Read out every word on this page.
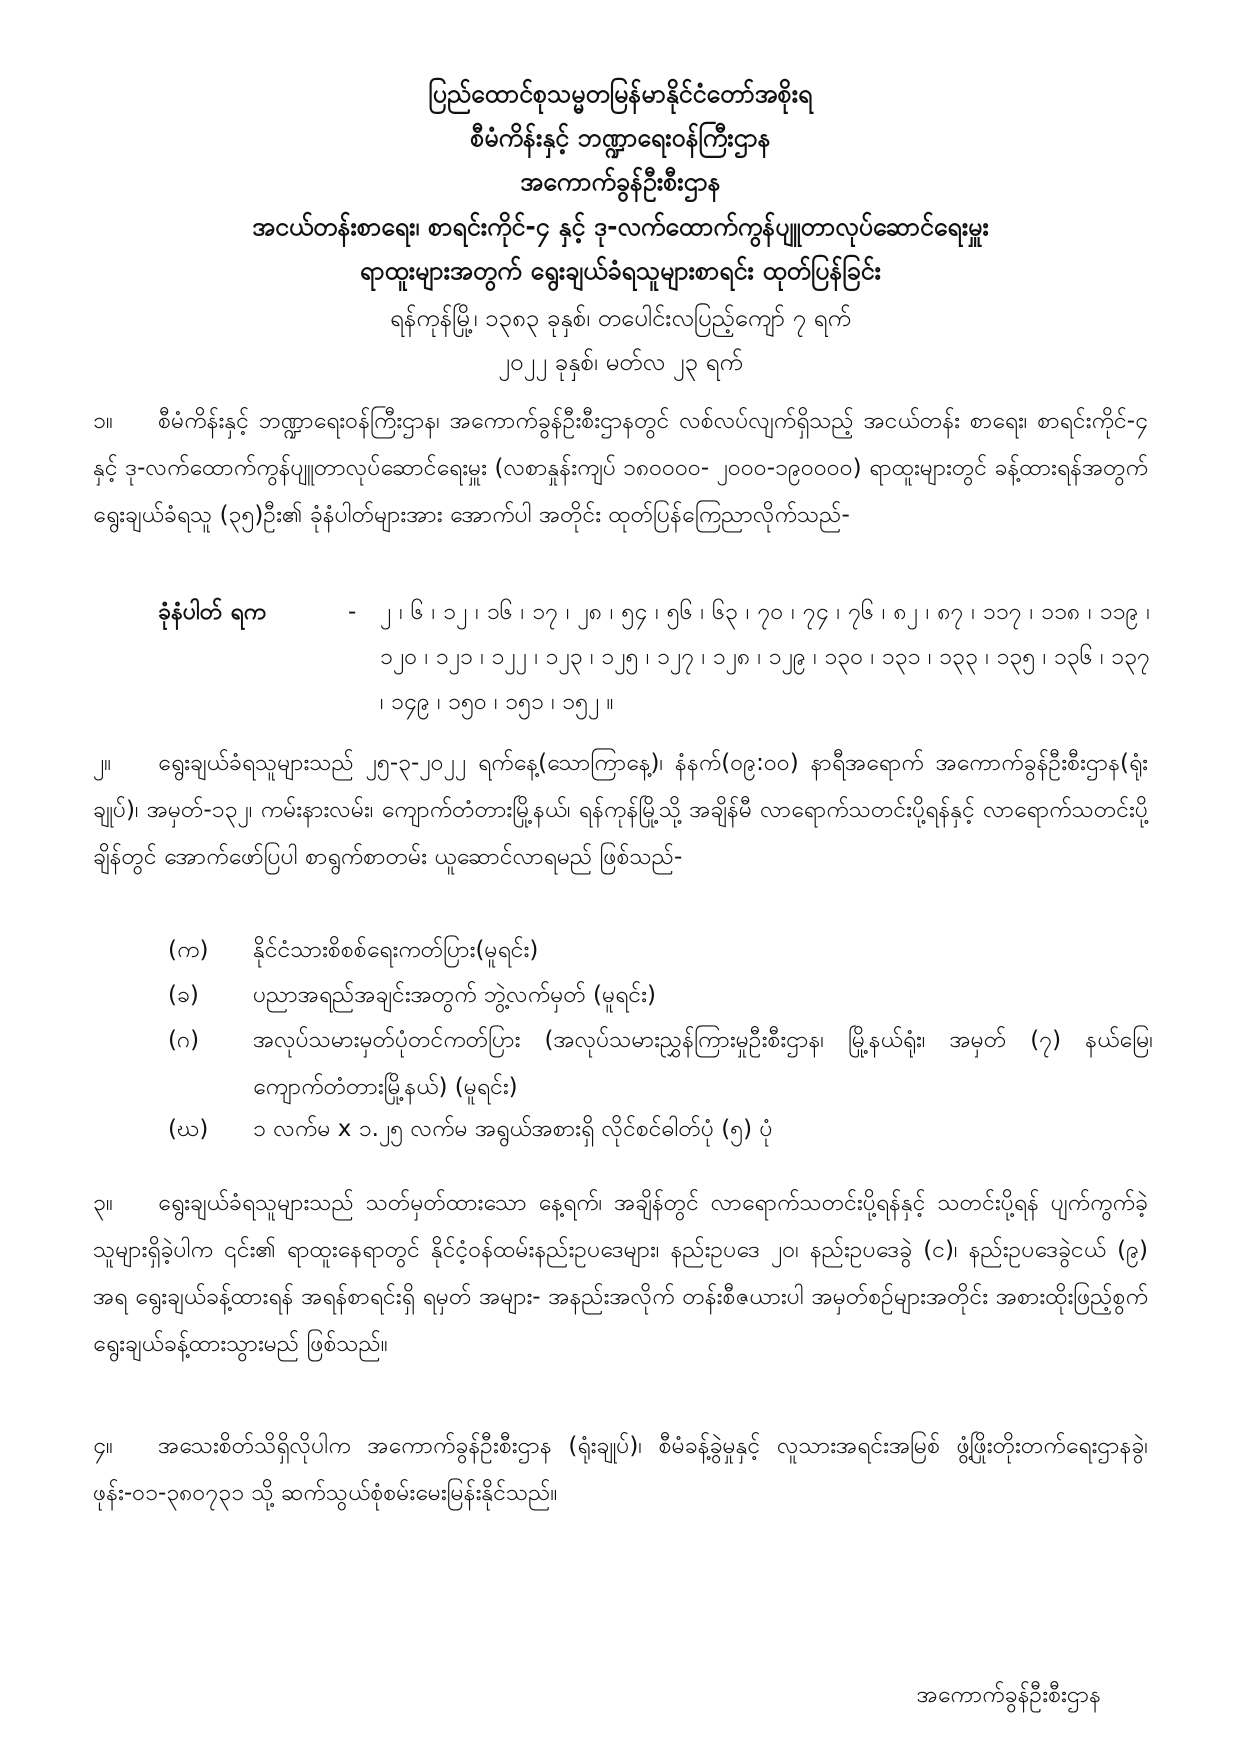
ပြည်ထောင်စုသမ္မတမြန်မာနိုင်ငံတော်အစိုးရ
စီမံကိန်းနှင့် ဘဏ္ဍာရေးဝန်ကြီးဌာန
အကောက်ခွန်ဦးစီးဌာန
အငယ်တန်းစာရေး၊ စာရင်းကိုင်-၄ နှင့် ဒု-လက်ထောက်ကွန်ပျူတာလုပ်ဆောင်ရေးမှူး
ရာထူးများအတွက် ရွေးချယ်ခံရသူများစာရင်း ထုတ်ပြန်ခြင်း
ရန်ကုန်မြို့၊ ၁၃၈၃ ခုနှစ်၊ တပေါင်းလပြည့်ကျော် ၇ ရက်
၂၀၂၂ ခုနှစ်၊ မတ်လ ၂၃ ရက်
၁။ စီမံကိန်းနှင့် ဘဏ္ဍာရေးဝန်ကြီးဌာန၊ အကောက်ခွန်ဦးစီးဌာနတွင် လစ်လပ်လျက်ရှိသည့် အငယ်တန်း စာရေး၊ စာရင်းကိုင်-၄ နှင့် ဒု-လက်ထောက်ကွန်ပျူတာလုပ်ဆောင်ရေးမှူး (လစာနှုန်းကျပ် ၁၈၀၀၀၀- ၂၀၀၀-၁၉၀၀၀၀) ရာထူးများတွင် ခန့်ထားရန်အတွက် ရွေးချယ်ခံရသူ (၃၅)ဦး၏ ခုံနံပါတ်များအား အောက်ပါ အတိုင်း ထုတ်ပြန်ကြေညာလိုက်သည်-
ခုံနံပါတ် ရက	- ၂ ၊ ၆ ၊ ၁၂ ၊ ၁၆ ၊ ၁၇ ၊ ၂၈ ၊ ၅၄ ၊ ၅၆ ၊ ၆၃ ၊ ၇၀ ၊ ၇၄ ၊ ၇၆ ၊ ၈၂ ၊ ၈၇ ၊ ၁၁၇ ၊ ၁၁၈ ၊ ၁၁၉ ၊ ၁၂၀ ၊ ၁၂၁ ၊ ၁၂၂ ၊ ၁၂၃ ၊ ၁၂၅ ၊ ၁၂၇ ၊ ၁၂၈ ၊ ၁၂၉ ၊ ၁၃၀ ၊ ၁၃၁ ၊ ၁၃၃ ၊ ၁၃၅ ၊ ၁၃၆ ၊ ၁၃၇ ၊ ၁၄၉ ၊ ၁၅၀ ၊ ၁၅၁ ၊ ၁၅၂ ။
၂။ ရွေးချယ်ခံရသူများသည် ၂၅-၃-၂၀၂၂ ရက်နေ့(သောကြာနေ့)၊ နံနက်(၀၉:၀၀) နာရီအရောက် အကောက်ခွန်ဦးစီးဌာန(ရုံးချုပ်)၊ အမှတ်-၁၃၂၊ ကမ်းနားလမ်း၊ ကျောက်တံတားမြို့နယ်၊ ရန်ကုန်မြို့သို့ အချိန်မီ လာရောက်သတင်းပို့ရန်နှင့် လာရောက်သတင်းပို့ချိန်တွင် အောက်ဖော်ပြပါ စာရွက်စာတမ်း ယူဆောင်လာရမည် ဖြစ်သည်-
(က) နိုင်ငံသားစိစစ်ရေးကတ်ပြား(မူရင်း)
(ခ) ပညာအရည်အချင်းအတွက် ဘွဲ့လက်မှတ် (မူရင်း)
(ဂ) အလုပ်သမားမှတ်ပုံတင်ကတ်ပြား (အလုပ်သမားညွှန်ကြားမှုဦးစီးဌာန၊ မြို့နယ်ရုံး၊ အမှတ် (၇) နယ်မြေ၊ ကျောက်တံတားမြို့နယ်) (မူရင်း)
(ဃ) ၁ လက်မ x ၁.၂၅ လက်မ အရွယ်အစားရှိ လိုင်စင်ဓါတ်ပုံ (၅) ပုံ
၃။ ရွေးချယ်ခံရသူများသည် သတ်မှတ်ထားသော နေ့ရက်၊ အချိန်တွင် လာရောက်သတင်းပို့ရန်နှင့် သတင်းပို့ရန် ပျက်ကွက်ခဲ့သူများရှိခဲ့ပါက ၎င်း၏ ရာထူးနေရာတွင် နိုင်ငံ့ဝန်ထမ်းနည်းဥပဒေများ၊ နည်းဥပဒေ ၂၀၊ နည်းဥပဒေခွဲ (င)၊ နည်းဥပဒေခွဲငယ် (၉) အရ ရွေးချယ်ခန့်ထားရန် အရန်စာရင်းရှိ ရမှတ် အများ- အနည်းအလိုက် တန်းစီဇယားပါ အမှတ်စဉ်များအတိုင်း အစားထိုးဖြည့်စွက် ရွေးချယ်ခန့်ထားသွားမည် ဖြစ်သည်။
၄။ အသေးစိတ်သိရှိလိုပါက အကောက်ခွန်ဦးစီးဌာန (ရုံးချုပ်)၊ စီမံခန့်ခွဲမှုနှင့် လူသားအရင်းအမြစ် ဖွံ့ဖြိုးတိုးတက်ရေးဌာနခွဲ၊ ဖုန်း-၀၁-၃၈၀၇၃၁ သို့ ဆက်သွယ်စုံစမ်းမေးမြန်းနိုင်သည်။
အကောက်ခွန်ဦးစီးဌာန
